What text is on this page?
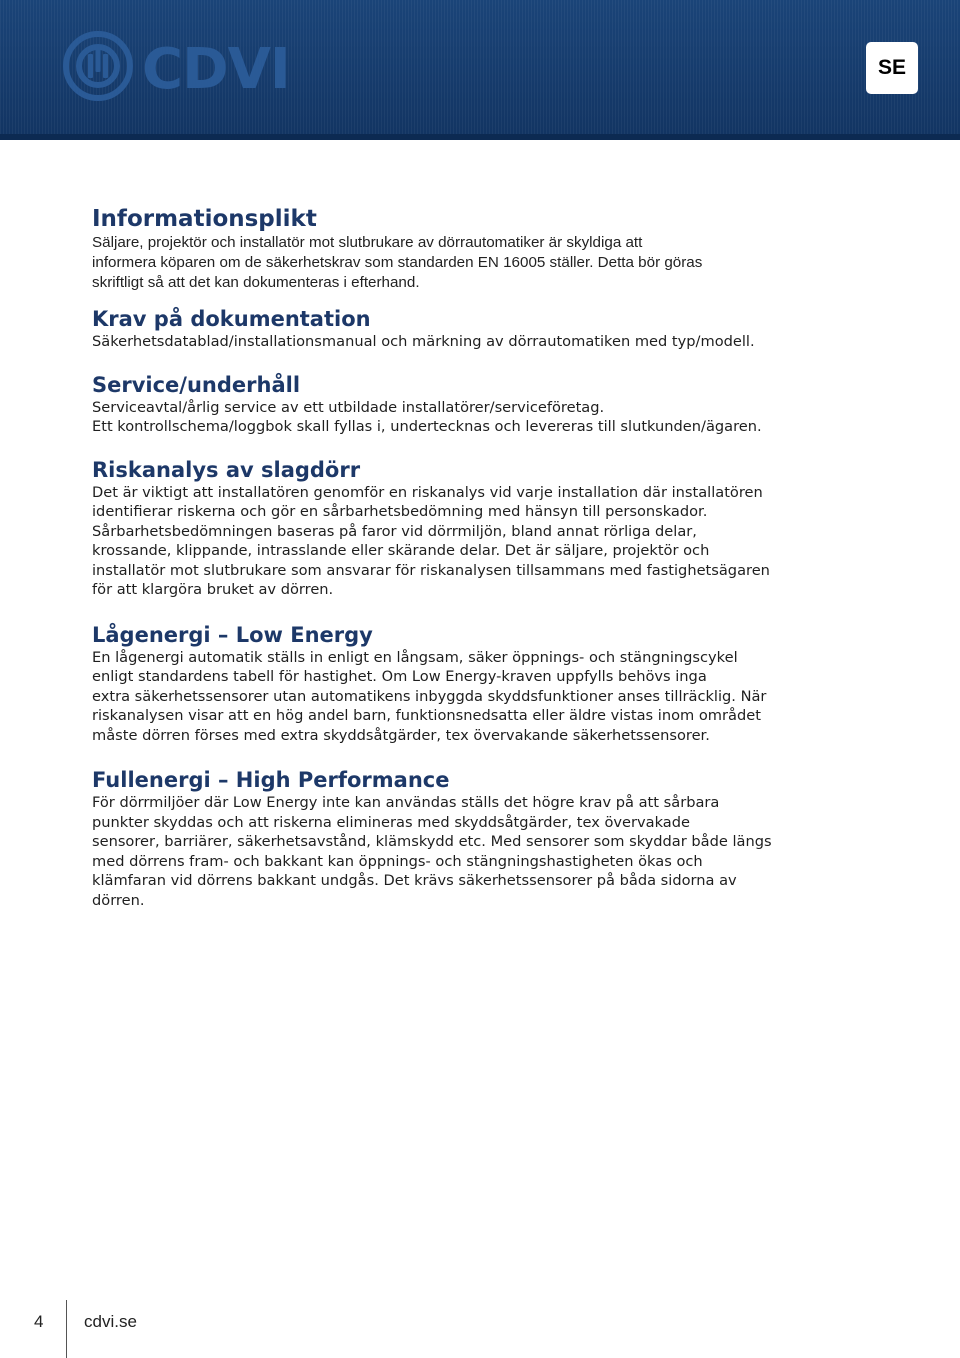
CDVI	SE
Informationsplikt

Säljare, projektör och installatör mot slutbrukare av dörrautomatiker är skyldiga att

informera köparen om de säkerhetskrav som standarden EN 16005 ställer. Detta bör göras

skriftligt så att det kan dokumenteras i efterhand.

Krav på dokumentation

Säkerhetsdatablad/installationsmanual och märkning av dörrautomatiken med typ/modell.

Service/underhåll

Serviceavtal/årlig service av ett utbildade installatörer/serviceföretag.

Ett kontrollschema/loggbok skall fyllas i, undertecknas och levereras till slutkunden/ägaren.

Riskanalys av slagdörr

Det är viktigt att installatören genomför en riskanalys vid varje installation där installatören

identifierar riskerna och gör en sårbarhetsbedömning med hänsyn till personskador.

Sårbarhetsbedömningen baseras på faror vid dörrmiljön, bland annat rörliga delar,

krossande, klippande, intrasslande eller skärande delar. Det är säljare, projektör och

installatör mot slutbrukare som ansvarar för riskanalysen tillsammans med fastighetsägaren

för att klargöra bruket av dörren.

Lågenergi – Low Energy

En lågenergi automatik ställs in enligt en långsam, säker öppnings- och stängningscykel

enligt standardens tabell för hastighet. Om Low Energy-kraven uppfylls behövs inga

extra säkerhetssensorer utan automatikens inbyggda skyddsfunktioner anses tillräcklig. När

riskanalysen visar att en hög andel barn, funktionsnedsatta eller äldre vistas inom området

måste dörren förses med extra skyddsåtgärder, tex övervakande säkerhetssensorer.

Fullenergi – High Performance

För dörrmiljöer där Low Energy inte kan användas ställs det högre krav på att sårbara

punkter skyddas och att riskerna elimineras med skyddsåtgärder, tex övervakade

sensorer, barriärer, säkerhetsavstånd, klämskydd etc. Med sensorer som skyddar både längs

med dörrens fram- och bakkant kan öppnings- och stängningshastigheten ökas och

klämfaran vid dörrens bakkant undgås. Det krävs säkerhetssensorer på båda sidorna av

dörren.

4 cdvi.se
